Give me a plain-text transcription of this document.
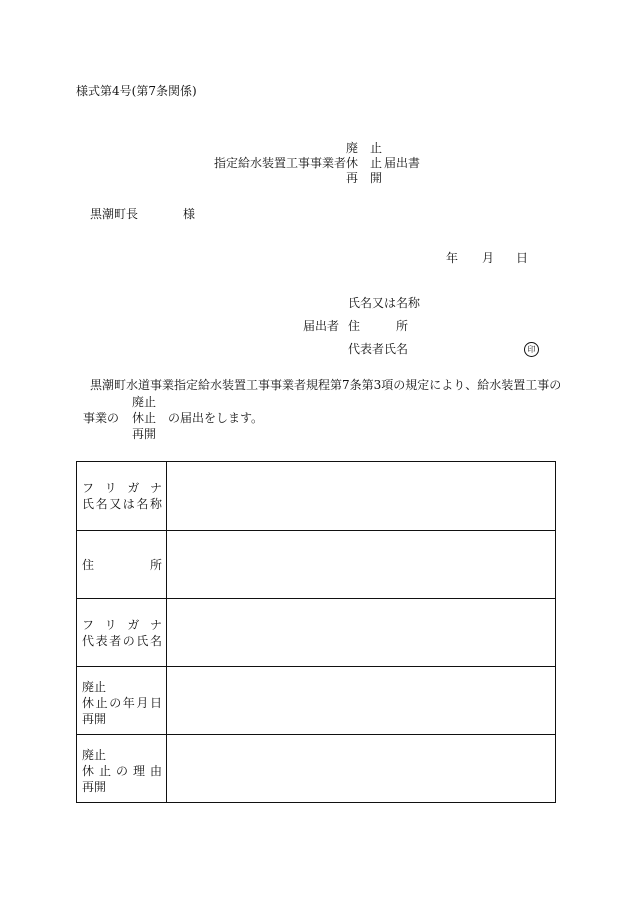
様式第4号(第7条関係)
廃　止
指定給水装置工事事業者 休　止 届出書
再　開
黒潮町長	様
年 月 日
氏名又は名称
届出者 住　　　所
代表者氏名	印
黒潮町水道事業指定給水装置工事事業者規程第7条第3項の規定により、給水装置工事の
廃止
事業の 休止 の届出をします。
再開
フ リ ガ ナ
氏 名 又 は 名 称
住	所
フ リ ガ ナ
代 表 者 の 氏 名
廃止
休 止 の 年 月 日
再開
廃止
休 止 の 理 由
再開
